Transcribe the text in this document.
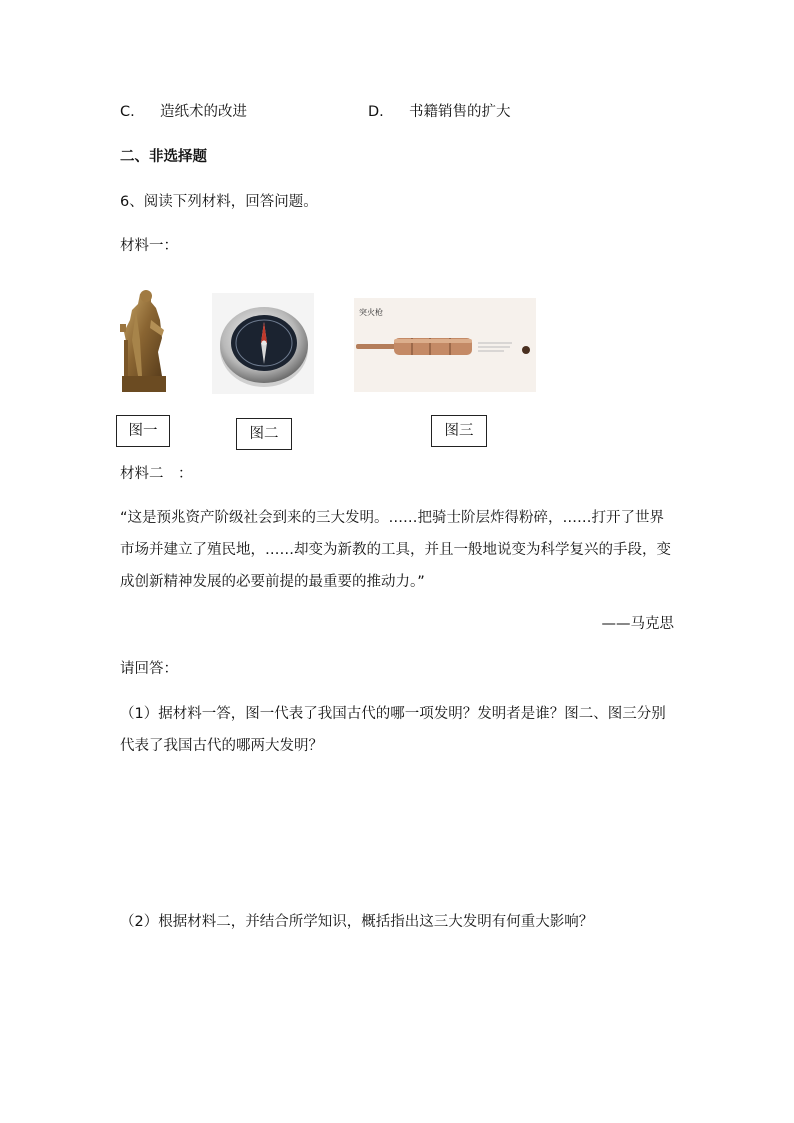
C. 造纸术的改进	D. 书籍销售的扩大
二、非选择题
6、阅读下列材料，回答问题。
材料一：
突火枪
图一	图二	图三
材料二　：
“这是预兆资产阶级社会到来的三大发明。……把骑士阶层炸得粉碎，……打开了世界市场并建立了殖民地，……却变为新教的工具，并且一般地说变为科学复兴的手段，变成创新精神发展的必要前提的最重要的推动力。”
——马克思
请回答：
（1）据材料一答，图一代表了我国古代的哪一项发明？发明者是谁？图二、图三分别代表了我国古代的哪两大发明？
（2）根据材料二，并结合所学知识，概括指出这三大发明有何重大影响？
